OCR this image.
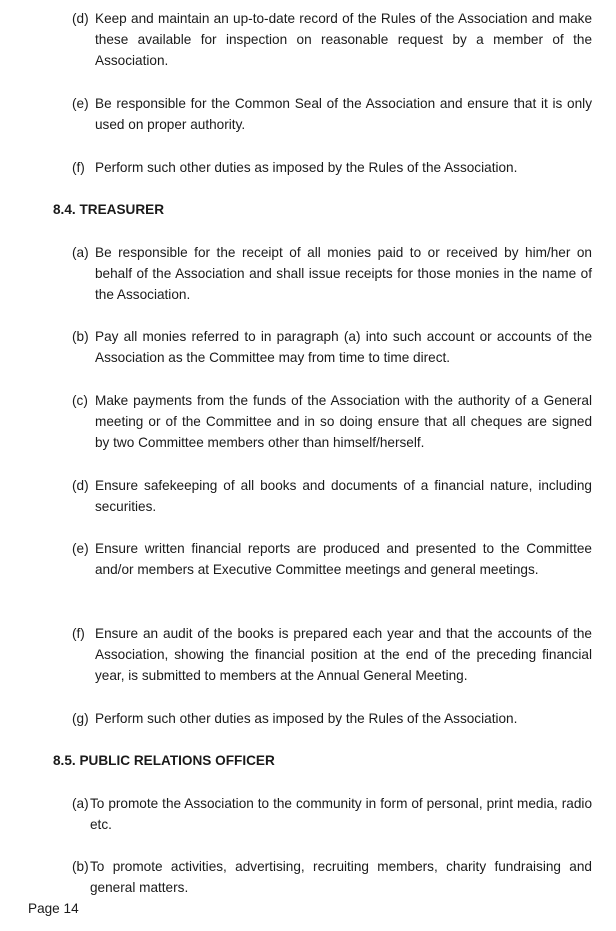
(d) Keep and maintain an up-to-date record of the Rules of the Association and make these available for inspection on reasonable request by a member of the Association.
(e) Be responsible for the Common Seal of the Association and ensure that it is only used on proper authority.
(f) Perform such other duties as imposed by the Rules of the Association.
8.4. TREASURER
(a) Be responsible for the receipt of all monies paid to or received by him/her on behalf of the Association and shall issue receipts for those monies in the name of the Association.
(b) Pay all monies referred to in paragraph (a) into such account or accounts of the Association as the Committee may from time to time direct.
(c) Make payments from the funds of the Association with the authority of a General meeting or of the Committee and in so doing ensure that all cheques are signed by two Committee members other than himself/herself.
(d) Ensure safekeeping of all books and documents of a financial nature, including securities.
(e) Ensure written financial reports are produced and presented to the Committee and/or members at Executive Committee meetings and general meetings.
(f) Ensure an audit of the books is prepared each year and that the accounts of the Association, showing the financial position at the end of the preceding financial year, is submitted to members at the Annual General Meeting.
(g) Perform such other duties as imposed by the Rules of the Association.
8.5. PUBLIC RELATIONS OFFICER
(a) To promote the Association to the community in form of personal, print media, radio etc.
(b) To promote activities, advertising, recruiting members, charity fundraising and general matters.
Page 14
